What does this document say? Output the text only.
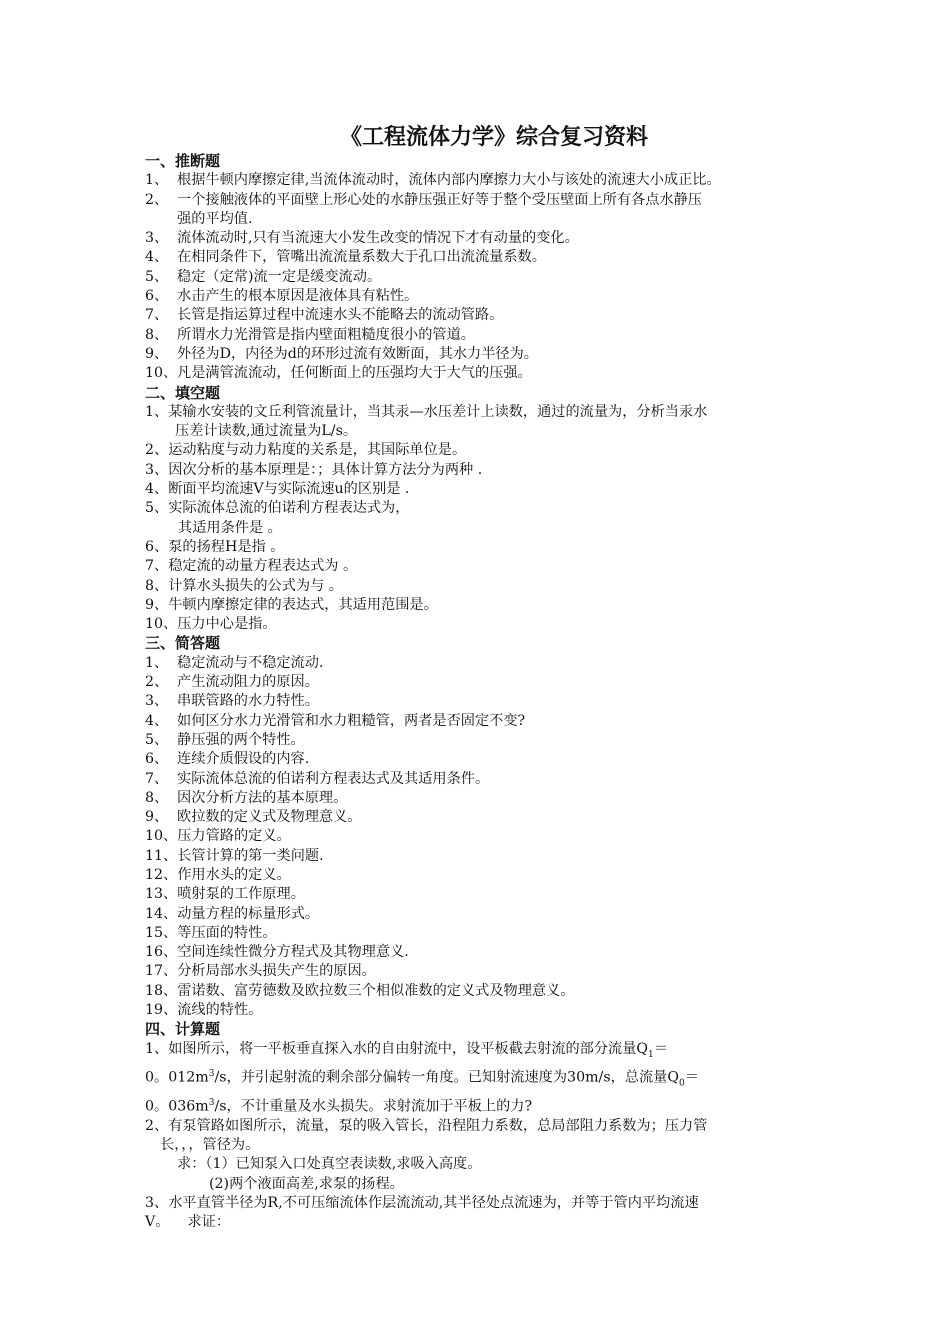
《工程流体力学》综合复习资料
一、推断题
1、 根据牛顿内摩擦定律,当流体流动时，流体内部内摩擦力大小与该处的流速大小成正比。
2、 一个接触液体的平面壁上形心处的水静压强正好等于整个受压壁面上所有各点水静压
强的平均值.
3、 流体流动时,只有当流速大小发生改变的情况下才有动量的变化。
4、 在相同条件下，管嘴出流流量系数大于孔口出流流量系数。
5、 稳定（定常)流一定是缓变流动。
6、 水击产生的根本原因是液体具有粘性。
7、 长管是指运算过程中流速水头不能略去的流动管路。
8、 所谓水力光滑管是指内壁面粗糙度很小的管道。
9、 外径为D，内径为d的环形过流有效断面，其水力半径为。
10、 凡是满管流流动，任何断面上的压强均大于大气的压强。
二、填空题
1、某输水安装的文丘利管流量计，当其汞—水压差计上读数，通过的流量为，分析当汞水
压差计读数,通过流量为L/s。
2、运动粘度与动力粘度的关系是，其国际单位是。
3、因次分析的基本原理是：；具体计算方法分为两种 .
4、断面平均流速V与实际流速u的区别是 .
5、实际流体总流的伯诺利方程表达式为，
其适用条件是 。
6、泵的扬程H是指 。
7、稳定流的动量方程表达式为 。
8、计算水头损失的公式为与 。
9、牛顿内摩擦定律的表达式，其适用范围是。
10、压力中心是指。
三、简答题
1、 稳定流动与不稳定流动.
2、 产生流动阻力的原因。
3、 串联管路的水力特性。
4、 如何区分水力光滑管和水力粗糙管，两者是否固定不变?
5、 静压强的两个特性。
6、 连续介质假设的内容.
7、 实际流体总流的伯诺利方程表达式及其适用条件。
8、 因次分析方法的基本原理。
9、 欧拉数的定义式及物理意义。
10、压力管路的定义。
11、长管计算的第一类问题.
12、作用水头的定义。
13、喷射泵的工作原理。
14、动量方程的标量形式。
15、等压面的特性。
16、空间连续性微分方程式及其物理意义.
17、分析局部水头损失产生的原因。
18、雷诺数、富劳德数及欧拉数三个相似准数的定义式及物理意义。
19、流线的特性。
四、计算题
1、如图所示，将一平板垂直探入水的自由射流中，设平板截去射流的部分流量$Q_1=$
0。$012m^3/s$，并引起射流的剩余部分偏转一角度。已知射流速度为30m/s，总流量$Q_0=$
0。$036m^3/s$，不计重量及水头损失。求射流加于平板上的力?
2、有泵管路如图所示，流量，泵的吸入管长，沿程阻力系数，总局部阻力系数为；压力管
长，，，管径为。
求：（1）已知泵入口处真空表读数,求吸入高度。
(2)两个液面高差,求泵的扬程。
3、水平直管半径为R,不可压缩流体作层流流动,其半径处点流速为，并等于管内平均流速
V。    求证：
